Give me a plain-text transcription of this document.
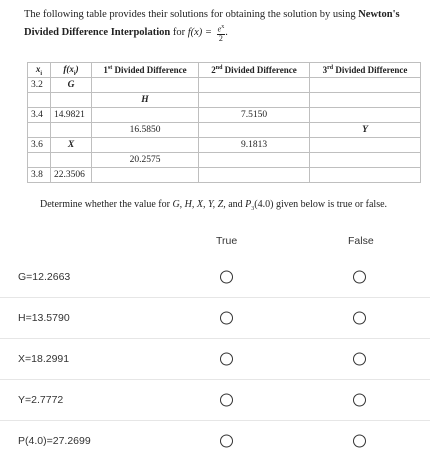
The following table provides their solutions for obtaining the solution by using Newton's
Divided Difference Interpolation for $f(x) = \frac{e^x}{2}$ .
$x_i$	$f(x_i)$	1st Divided Difference	2nd Divided Difference	3rd Divided Difference
3.2	G			
		H		
3.4	14.9821		7.5150	
		16.5850		Y
3.6	X		9.1813	
		20.2575		
3.8	22.3506			
Determine whether the value for G, H, X, Y, Z, and $P_3(4.0)$ given below is true or false.
True	False
G=12.2663
H=13.5790
X=18.2991
Y=2.7772
P(4.0)=27.2699
